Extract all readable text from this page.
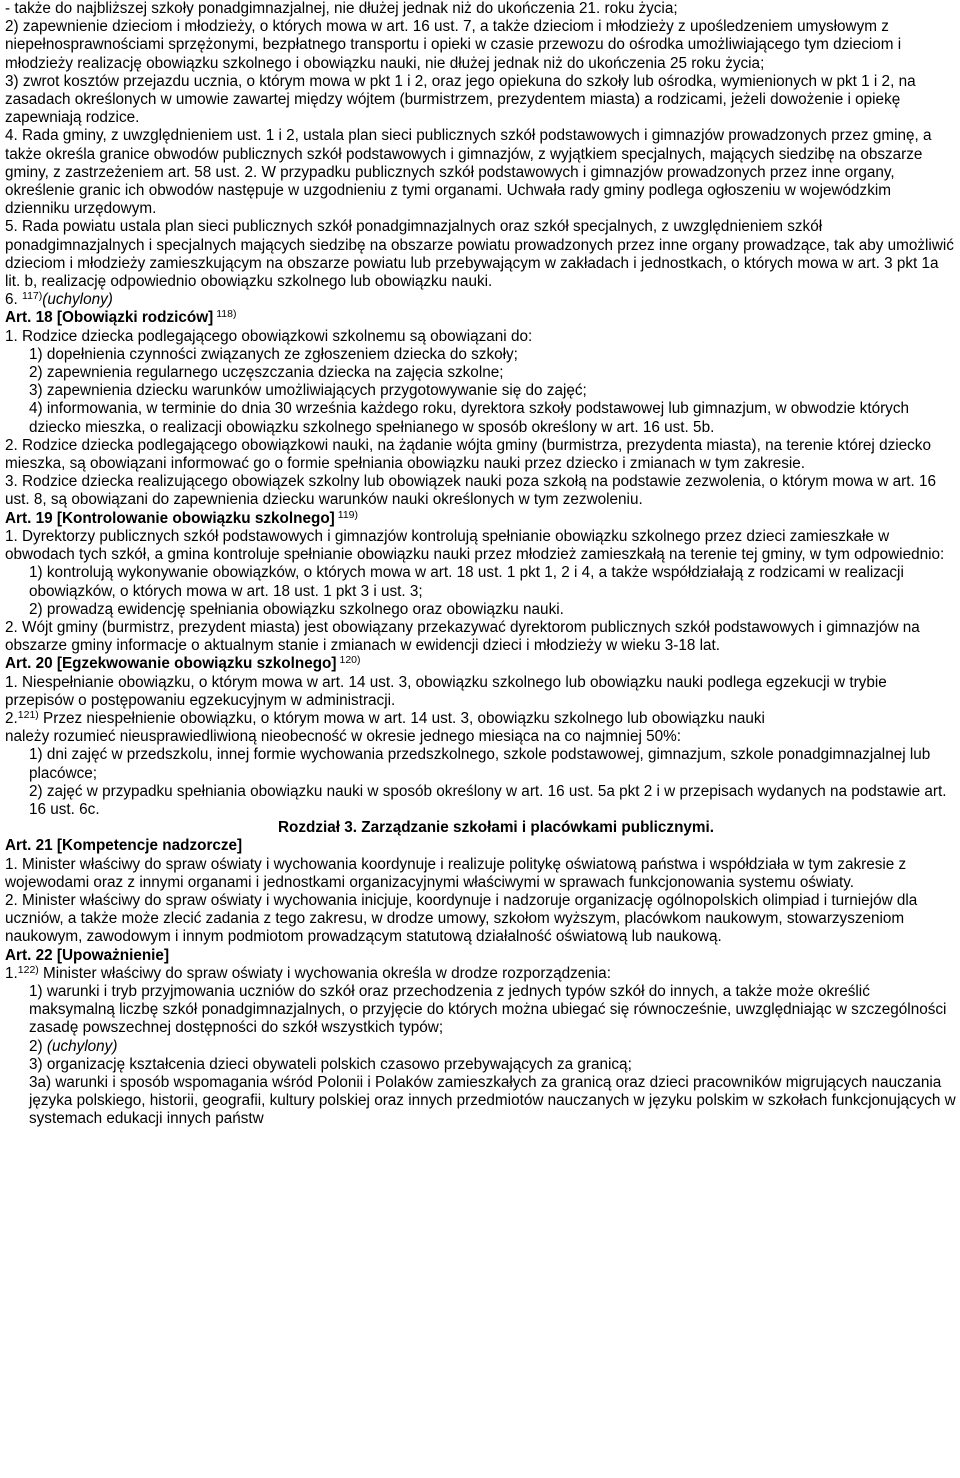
- także do najbliższej szkoły ponadgimnazjalnej, nie dłużej jednak niż do ukończenia 21. roku życia;

2) zapewnienie dzieciom i młodzieży, o których mowa w art. 16 ust. 7, a także dzieciom i młodzieży z upośledzeniem umysłowym z niepełnosprawnościami sprzężonymi, bezpłatnego transportu i opieki w czasie przewozu do ośrodka umożliwiającego tym dzieciom i młodzieży realizację obowiązku szkolnego i obowiązku nauki, nie dłużej jednak niż do ukończenia 25 roku życia;

3) zwrot kosztów przejazdu ucznia, o którym mowa w pkt 1 i 2, oraz jego opiekuna do szkoły lub ośrodka, wymienionych w pkt 1 i 2, na zasadach określonych w umowie zawartej między wójtem (burmistrzem, prezydentem miasta) a rodzicami, jeżeli dowożenie i opiekę zapewniają rodzice.

4. Rada gminy, z uwzględnieniem ust. 1 i 2, ustala plan sieci publicznych szkół podstawowych i gimnazjów prowadzonych przez gminę, a także określa granice obwodów publicznych szkół podstawowych i gimnazjów, z wyjątkiem specjalnych, mających siedzibę na obszarze gminy, z zastrzeżeniem art. 58 ust. 2. W przypadku publicznych szkół podstawowych i gimnazjów prowadzonych przez inne organy, określenie granic ich obwodów następuje w uzgodnieniu z tymi organami. Uchwała rady gminy podlega ogłoszeniu w wojewódzkim dzienniku urzędowym.

5. Rada powiatu ustala plan sieci publicznych szkół ponadgimnazjalnych oraz szkół specjalnych, z uwzględnieniem szkół ponadgimnazjalnych i specjalnych mających siedzibę na obszarze powiatu prowadzonych przez inne organy prowadzące, tak aby umożliwić dzieciom i młodzieży zamieszkującym na obszarze powiatu lub przebywającym w zakładach i jednostkach, o których mowa w art. 3 pkt 1a lit. b, realizację odpowiednio obowiązku szkolnego lub obowiązku nauki.

6. $^{117)}$(uchylony)

Art. 18 [Obowiązki rodziców] $^{118)}$

1. Rodzice dziecka podlegającego obowiązkowi szkolnemu są obowiązani do:

1) dopełnienia czynności związanych ze zgłoszeniem dziecka do szkoły;

2) zapewnienia regularnego uczęszczania dziecka na zajęcia szkolne;

3) zapewnienia dziecku warunków umożliwiających przygotowywanie się do zajęć;

4) informowania, w terminie do dnia 30 września każdego roku, dyrektora szkoły podstawowej lub gimnazjum, w obwodzie których dziecko mieszka, o realizacji obowiązku szkolnego spełnianego w sposób określony w art. 16 ust. 5b.

2. Rodzice dziecka podlegającego obowiązkowi nauki, na żądanie wójta gminy (burmistrza, prezydenta miasta), na terenie której dziecko mieszka, są obowiązani informować go o formie spełniania obowiązku nauki przez dziecko i zmianach w tym zakresie.

3. Rodzice dziecka realizującego obowiązek szkolny lub obowiązek nauki poza szkołą na podstawie zezwolenia, o którym mowa w art. 16 ust. 8, są obowiązani do zapewnienia dziecku warunków nauki określonych w tym zezwoleniu.

Art. 19 [Kontrolowanie obowiązku szkolnego] $^{119)}$

1. Dyrektorzy publicznych szkół podstawowych i gimnazjów kontrolują spełnianie obowiązku szkolnego przez dzieci zamieszkałe w obwodach tych szkół, a gmina kontroluje spełnianie obowiązku nauki przez młodzież zamieszkałą na terenie tej gminy, w tym odpowiednio:

1) kontrolują wykonywanie obowiązków, o których mowa w art. 18 ust. 1 pkt 1, 2 i 4, a także współdziałają z rodzicami w realizacji obowiązków, o których mowa w art. 18 ust. 1 pkt 3 i ust. 3;

2) prowadzą ewidencję spełniania obowiązku szkolnego oraz obowiązku nauki.

2. Wójt gminy (burmistrz, prezydent miasta) jest obowiązany przekazywać dyrektorom publicznych szkół podstawowych i gimnazjów na obszarze gminy informacje o aktualnym stanie i zmianach w ewidencji dzieci i młodzieży w wieku 3-18 lat.

Art. 20 [Egzekwowanie obowiązku szkolnego] $^{120)}$

1. Niespełnianie obowiązku, o którym mowa w art. 14 ust. 3, obowiązku szkolnego lub obowiązku nauki podlega egzekucji w trybie przepisów o postępowaniu egzekucyjnym w administracji.

2.$^{121)}$ Przez niespełnienie obowiązku, o którym mowa w art. 14 ust. 3, obowiązku szkolnego lub obowiązku nauki

należy rozumieć nieusprawiedliwioną nieobecność w okresie jednego miesiąca na co najmniej 50%:

1) dni zajęć w przedszkolu, innej formie wychowania przedszkolnego, szkole podstawowej, gimnazjum, szkole ponadgimnazjalnej lub placówce;

2) zajęć w przypadku spełniania obowiązku nauki w sposób określony w art. 16 ust. 5a pkt 2 i w przepisach wydanych na podstawie art. 16 ust. 6c.

Rozdział 3. Zarządzanie szkołami i placówkami publicznymi.

Art. 21 [Kompetencje nadzorcze]

1. Minister właściwy do spraw oświaty i wychowania koordynuje i realizuje politykę oświatową państwa i współdziała w tym zakresie z wojewodami oraz z innymi organami i jednostkami organizacyjnymi właściwymi w sprawach funkcjonowania systemu oświaty.

2. Minister właściwy do spraw oświaty i wychowania inicjuje, koordynuje i nadzoruje organizację ogólnopolskich olimpiad i turniejów dla uczniów, a także może zlecić zadania z tego zakresu, w drodze umowy, szkołom wyższym, placówkom naukowym, stowarzyszeniom naukowym, zawodowym i innym podmiotom prowadzącym statutową działalność oświatową lub naukową.

Art. 22 [Upoważnienie]

1.$^{122)}$ Minister właściwy do spraw oświaty i wychowania określa w drodze rozporządzenia:

1) warunki i tryb przyjmowania uczniów do szkół oraz przechodzenia z jednych typów szkół do innych, a także może określić maksymalną liczbę szkół ponadgimnazjalnych, o przyjęcie do których można ubiegać się równocześnie, uwzględniając w szczególności zasadę powszechnej dostępności do szkół wszystkich typów;

2) (uchylony)

3) organizację kształcenia dzieci obywateli polskich czasowo przebywających za granicą;

3a) warunki i sposób wspomagania wśród Polonii i Polaków zamieszkałych za granicą oraz dzieci pracowników migrujących nauczania języka polskiego, historii, geografii, kultury polskiej oraz innych przedmiotów nauczanych w języku polskim w szkołach funkcjonujących w systemach edukacji innych państw
